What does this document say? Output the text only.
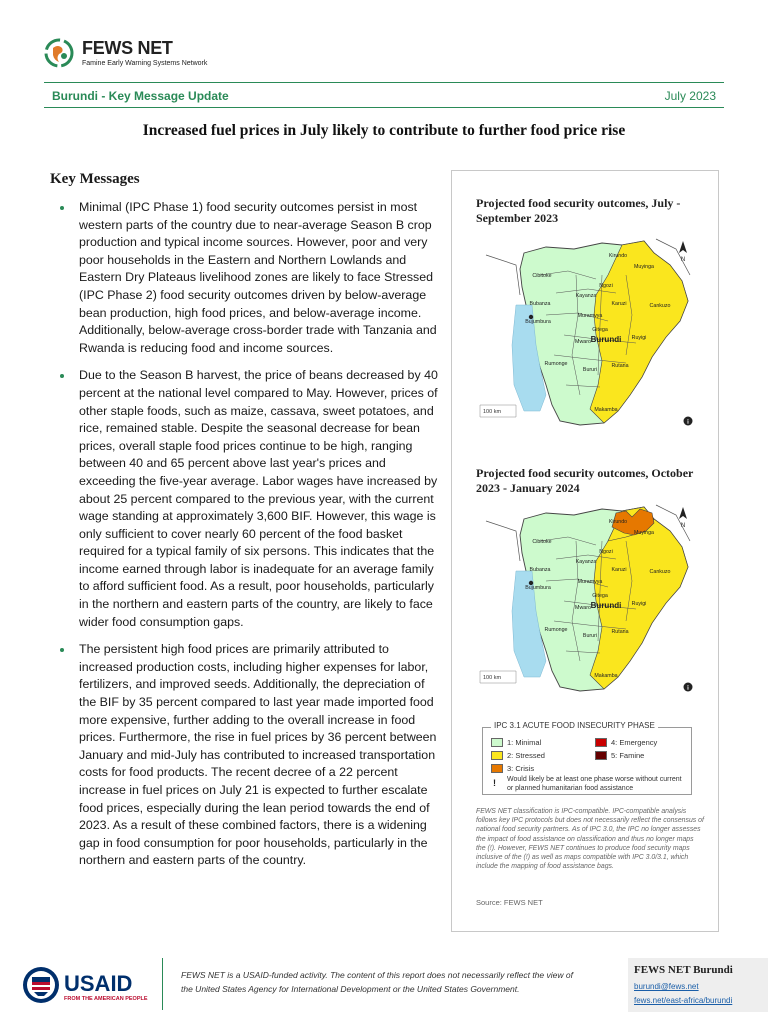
FEWS NET
Famine Early Warning Systems Network
Burundi - Key Message Update	July 2023
Increased fuel prices in July likely to contribute to further food price rise
Key Messages
Minimal (IPC Phase 1) food security outcomes persist in most western parts of the country due to near-average Season B crop production and typical income sources. However, poor and very poor households in the Eastern and Northern Lowlands and Eastern Dry Plateaus livelihood zones are likely to face Stressed (IPC Phase 2) food security outcomes driven by below-average bean production, high food prices, and below-average income. Additionally, below-average cross-border trade with Tanzania and Rwanda is reducing food and income sources.
Due to the Season B harvest, the price of beans decreased by 40 percent at the national level compared to May. However, prices of other staple foods, such as maize, cassava, sweet potatoes, and rice, remained stable. Despite the seasonal decrease for bean prices, overall staple food prices continue to be high, ranging between 40 and 65 percent above last year's prices and exceeding the five-year average. Labor wages have increased by about 25 percent compared to the previous year, with the current wage standing at approximately 3,600 BIF. However, this wage is only sufficient to cover nearly 60 percent of the food basket required for a typical family of six persons. This indicates that the income earned through labor is inadequate for an average family to afford sufficient food. As a result, poor households, particularly in the northern and eastern parts of the country, are likely to face wider food consumption gaps.
The persistent high food prices are primarily attributed to increased production costs, including higher expenses for labor, fertilizers, and improved seeds. Additionally, the depreciation of the BIF by 35 percent compared to last year made imported food more expensive, further adding to the overall increase in food prices. Furthermore, the rise in fuel prices by 36 percent between January and mid-July has contributed to increased transportation costs for food products. The recent decree of a 22 percent increase in fuel prices on July 21 is expected to further escalate food prices, especially during the lean period towards the end of 2023. As a result of these combined factors, there is a widening gap in food consumption for poor households, particularly in the northern and eastern parts of the country.
Projected food security outcomes, July - September 2023
N
100 km
i
Kirundo
Muyinga
Cibitoke
Ngozi
Kayanza
Bubanza	Karuzi	Cankuzo
Bujumbura
Muramvya
Gitega
Ruyigi
Burundi
Mwaro
Rumonge
Bururi
Rutana
Makamba
Projected food security outcomes, October 2023 - January 2024
N
100 km
i
Kirundo
Muyinga
Cibitoke
Ngozi
Kayanza
Bubanza	Karuzi	Cankuzo
Bujumbura
Muramvya
Gitega
Ruyigi
Burundi
Mwaro
Rumonge
Bururi
Rutana
Makamba
IPC 3.1 ACUTE FOOD INSECURITY PHASE
1: Minimal
2: Stressed
3: Crisis
4: Emergency
5: Famine
! Would likely be at least one phase worse without current or planned humanitarian food assistance
FEWS NET classification is IPC-compatible. IPC-compatible analysis follows key IPC protocols but does not necessarily reflect the consensus of national food security partners. As of IPC 3.0, the IPC no longer assesses the impact of food assistance on classification and thus no longer maps the (!). However, FEWS NET continues to produce food security maps inclusive of the (!) as well as maps compatible with IPC 3.0/3.1, which include the mapping of food assistance bags.
Source: FEWS NET
USAID
FROM THE AMERICAN PEOPLE
FEWS NET is a USAID-funded activity. The content of this report does not necessarily reflect the view of the United States Agency for International Development or the United States Government.
FEWS NET Burundi
burundi@fews.net
fews.net/east-africa/burundi
